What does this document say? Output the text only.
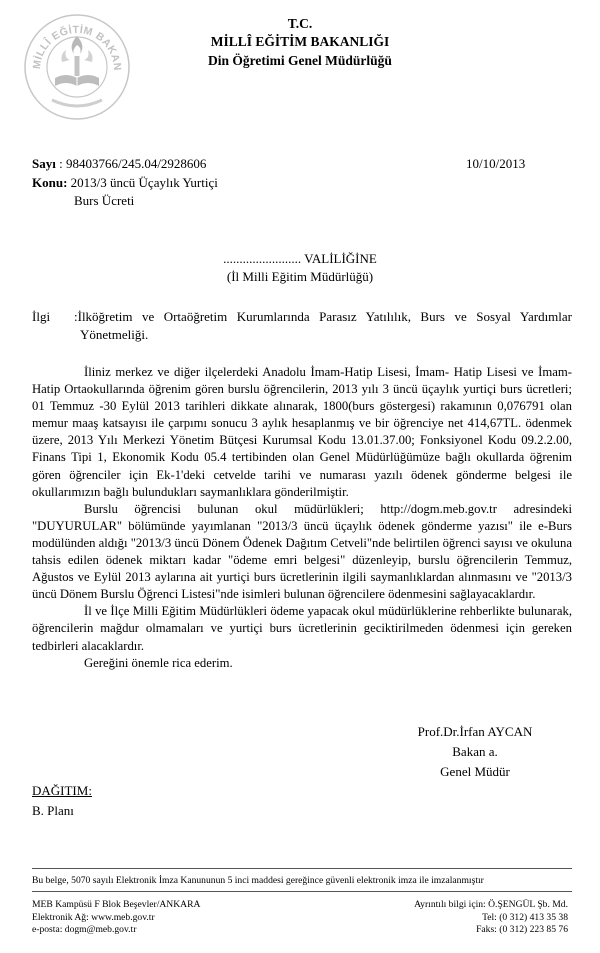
MİLLÎ EĞİTİM BAKAN
T.C.
MİLLÎ EĞİTİM BAKANLIĞI
Din Öğretimi Genel Müdürlüğü
Sayı : 98403766/245.04/2928606	10/10/2013
Konu: 2013/3 üncü Üçaylık Yurtiçi
Burs Ücreti
........................ VALİLİĞİNE
(İl Milli Eğitim Müdürlüğü)
İlgi :İlköğretim ve Ortaöğretim Kurumlarında Parasız Yatılılık, Burs ve Sosyal Yardımlar
Yönetmeliği.

İliniz merkez ve diğer ilçelerdeki Anadolu İmam-Hatip Lisesi, İmam- Hatip Lisesi ve İmam-Hatip Ortaokullarında öğrenim gören burslu öğrencilerin, 2013 yılı 3 üncü üçaylık yurtiçi burs ücretleri; 01 Temmuz -30 Eylül 2013 tarihleri dikkate alınarak, 1800(burs göstergesi) rakamının 0,076791 olan memur maaş katsayısı ile çarpımı sonucu 3 aylık hesaplanmış ve bir öğrenciye net 414,67TL. ödenmek üzere, 2013 Yılı Merkezi Yönetim Bütçesi Kurumsal Kodu 13.01.37.00; Fonksiyonel Kodu 09.2.2.00, Finans Tipi 1, Ekonomik Kodu 05.4 tertibinden olan Genel Müdürlüğümüze bağlı okullarda öğrenim gören öğrenciler için Ek-1'deki cetvelde tarihi ve numarası yazılı ödenek gönderme belgesi ile okullarımızın bağlı bulundukları saymanlıklara gönderilmiştir.

Burslu öğrencisi bulunan okul müdürlükleri; http://dogm.meb.gov.tr adresindeki "DUYURULAR" bölümünde yayımlanan "2013/3 üncü üçaylık ödenek gönderme yazısı" ile e-Burs modülünden aldığı "2013/3 üncü Dönem Ödenek Dağıtım Cetveli"nde belirtilen öğrenci sayısı ve okuluna tahsis edilen ödenek miktarı kadar "ödeme emri belgesi" düzenleyip, burslu öğrencilerin Temmuz, Ağustos ve Eylül 2013 aylarına ait yurtiçi burs ücretlerinin ilgili saymanlıklardan alınmasını ve "2013/3 üncü Dönem Burslu Öğrenci Listesi"nde isimleri bulunan öğrencilere ödenmesini sağlayacaklardır.

İl ve İlçe Milli Eğitim Müdürlükleri ödeme yapacak okul müdürlüklerine rehberlikte bulunarak, öğrencilerin mağdur olmamaları ve yurtiçi burs ücretlerinin geciktirilmeden ödenmesi için gereken tedbirleri alacaklardır.

Gereğini önemle rica ederim.

Prof.Dr.İrfan AYCAN
Bakan a.
Genel Müdür
DAĞITIM:
B. Planı
Bu belge, 5070 sayılı Elektronik İmza Kanununun 5 inci maddesi gereğince güvenli elektronik imza ile imzalanmıştır
MEB Kampüsü F Blok Beşevler/ANKARA
Elektronik Ağ: www.meb.gov.tr
e-posta: dogm@meb.gov.tr
Ayrıntılı bilgi için: Ö.ŞENGÜL Şb. Md.
Tel: (0 312) 413 35 38
Faks: (0 312) 223 85 76
